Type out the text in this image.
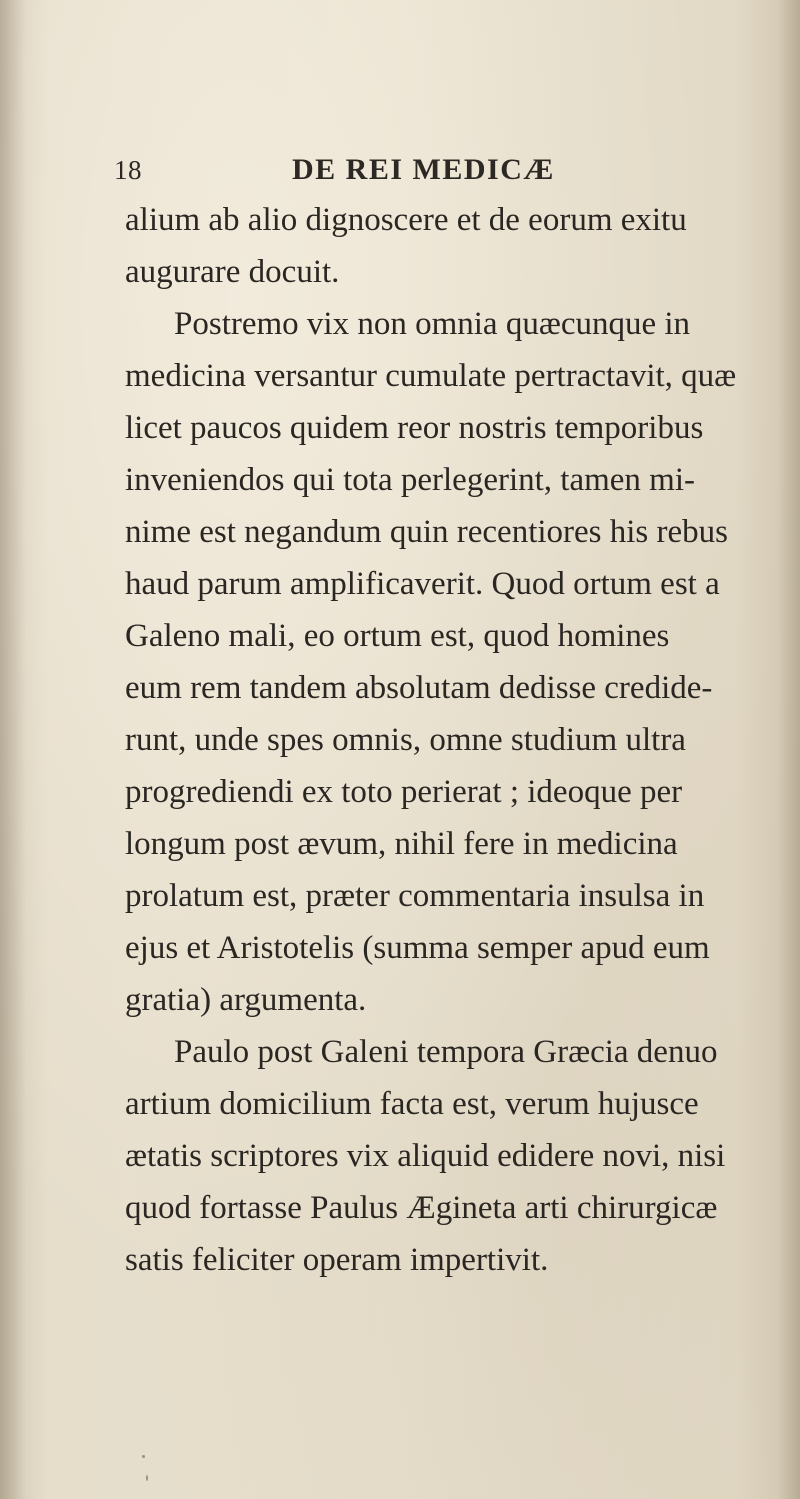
18	DE REI MEDICÆ
alium ab alio dignoscere et de eorum exitu
augurare docuit.
Postremo vix non omnia quæcunque in
medicina versantur cumulate pertractavit, quæ
licet paucos quidem reor nostris temporibus
inveniendos qui tota perlegerint, tamen mi-
nime est negandum quin recentiores his rebus
haud parum amplificaverit. Quod ortum est a
Galeno mali, eo ortum est, quod homines
eum rem tandem absolutam dedisse credide-
runt, unde spes omnis, omne studium ultra
progrediendi ex toto perierat ; ideoque per
longum post ævum, nihil fere in medicina
prolatum est, præter commentaria insulsa in
ejus et Aristotelis (summa semper apud eum
gratia) argumenta.
Paulo post Galeni tempora Græcia denuo
artium domicilium facta est, verum hujusce
ætatis scriptores vix aliquid edidere novi, nisi
quod fortasse Paulus Ægineta arti chirurgicæ
satis feliciter operam impertivit.
